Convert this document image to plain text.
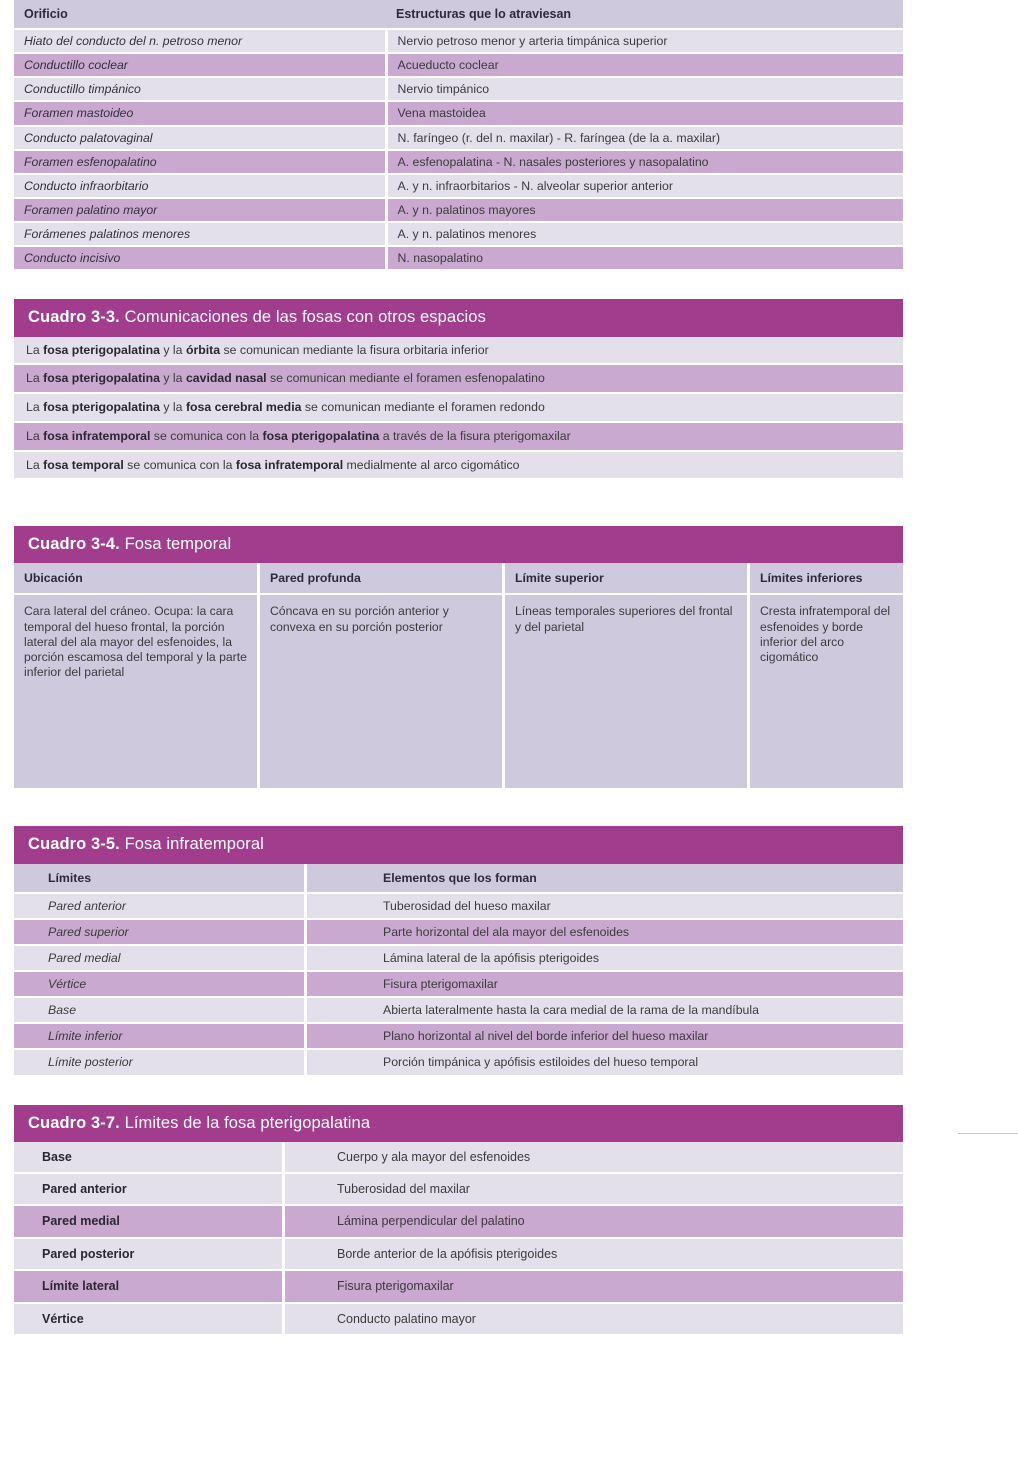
Orificio	Estructuras que lo atraviesan
Hiato del conducto del n. petroso menor	Nervio petroso menor y arteria timpánica superior
Conductillo coclear	Acueducto coclear
Conductillo timpánico	Nervio timpánico
Foramen mastoideo	Vena mastoidea
Conducto palatovaginal	N. faríngeo (r. del n. maxilar) - R. faríngea (de la a. maxilar)
Foramen esfenopalatino	A. esfenopalatina - N. nasales posteriores y nasopalatino
Conducto infraorbitario	A. y n. infraorbitarios - N. alveolar superior anterior
Foramen palatino mayor	A. y n. palatinos mayores
Forámenes palatinos menores	A. y n. palatinos menores
Conducto incisivo	N. nasopalatino
Cuadro 3-3. Comunicaciones de las fosas con otros espacios
La fosa pterigopalatina y la órbita se comunican mediante la fisura orbitaria inferior
La fosa pterigopalatina y la cavidad nasal se comunican mediante el foramen esfenopalatino
La fosa pterigopalatina y la fosa cerebral media se comunican mediante el foramen redondo
La fosa infratemporal se comunica con la fosa pterigopalatina a través de la fisura pterigomaxilar
La fosa temporal se comunica con la fosa infratemporal medialmente al arco cigomático
Cuadro 3-4. Fosa temporal
Ubicación	Pared profunda	Límite superior	Límites inferiores
Cara lateral del cráneo. Ocupa: la cara temporal del hueso frontal, la porción lateral del ala mayor del esfenoides, la porción escamosa del temporal y la parte inferior del parietal	Cóncava en su porción anterior y convexa en su porción posterior	Líneas temporales superiores del frontal y del parietal	Cresta infratemporal del esfenoides y borde inferior del arco cigomático
Cuadro 3-5. Fosa infratemporal
Límites	Elementos que los forman
Pared anterior	Tuberosidad del hueso maxilar
Pared superior	Parte horizontal del ala mayor del esfenoides
Pared medial	Lámina lateral de la apófisis pterigoides
Vértice	Fisura pterigomaxilar
Base	Abierta lateralmente hasta la cara medial de la rama de la mandíbula
Límite inferior	Plano horizontal al nivel del borde inferior del hueso maxilar
Límite posterior	Porción timpánica y apófisis estiloides del hueso temporal
Cuadro 3-7. Límites de la fosa pterigopalatina
Base	Cuerpo y ala mayor del esfenoides
Pared anterior	Tuberosidad del maxilar
Pared medial	Lámina perpendicular del palatino
Pared posterior	Borde anterior de la apófisis pterigoides
Límite lateral	Fisura pterigomaxilar
Vértice	Conducto palatino mayor
